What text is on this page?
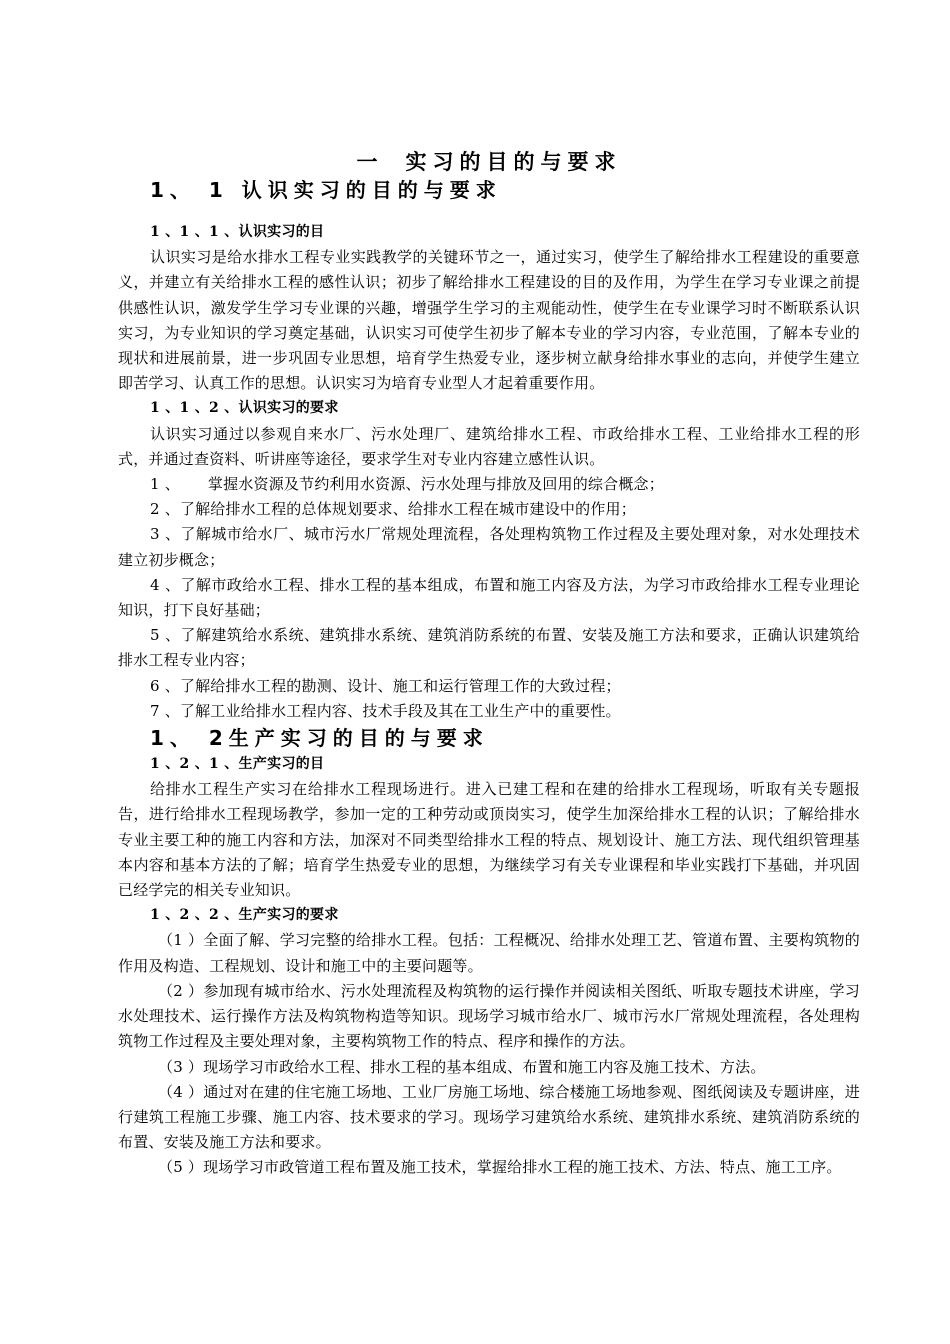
一 实习的目的与要求
1、 1 认识实习的目的与要求
1 、1 、1 、认识实习的目

认识实习是给水排水工程专业实践教学的关键环节之一，通过实习，使学生了解给排水工程建设的重要意义，并建立有关给排水工程的感性认识；初步了解给排水工程建设的目的及作用，为学生在学习专业课之前提供感性认识，激发学生学习专业课的兴趣，增强学生学习的主观能动性，使学生在专业课学习时不断联系认识实习，为专业知识的学习奠定基础，认识实习可使学生初步了解本专业的学习内容，专业范围，了解本专业的现状和进展前景，进一步巩固专业思想，培育学生热爱专业，逐步树立献身给排水事业的志向，并使学生建立即苦学习、认真工作的思想。认识实习为培育专业型人才起着重要作用。

1 、1 、2 、认识实习的要求

认识实习通过以参观自来水厂、污水处理厂、建筑给排水工程、市政给排水工程、工业给排水工程的形式，并通过查资料、听讲座等途径，要求学生对专业内容建立感性认识。

1 、 掌握水资源及节约利用水资源、污水处理与排放及回用的综合概念；

2 、了解给排水工程的总体规划要求、给排水工程在城市建设中的作用；

3 、了解城市给水厂、城市污水厂常规处理流程，各处理构筑物工作过程及主要处理对象，对水处理技术建立初步概念；

4 、了解市政给水工程、排水工程的基本组成，布置和施工内容及方法，为学习市政给排水工程专业理论知识，打下良好基础；

5 、了解建筑给水系统、建筑排水系统、建筑消防系统的布置、安装及施工方法和要求，正确认识建筑给排水工程专业内容；

6 、了解给排水工程的勘测、设计、施工和运行管理工作的大致过程；

7 、了解工业给排水工程内容、技术手段及其在工业生产中的重要性。

1、 2生产实习的目的与要求
1 、2 、1 、生产实习的目

给排水工程生产实习在给排水工程现场进行。进入已建工程和在建的给排水工程现场，听取有关专题报告，进行给排水工程现场教学，参加一定的工种劳动或顶岗实习，使学生加深给排水工程的认识；了解给排水专业主要工种的施工内容和方法，加深对不同类型给排水工程的特点、规划设计、施工方法、现代组织管理基本内容和基本方法的了解；培育学生热爱专业的思想，为继续学习有关专业课程和毕业实践打下基础，并巩固已经学完的相关专业知识。

1 、2 、2 、生产实习的要求

（1 ）全面了解、学习完整的给排水工程。包括：工程概况、给排水处理工艺、管道布置、主要构筑物的作用及构造、工程规划、设计和施工中的主要问题等。

（2 ）参加现有城市给水、污水处理流程及构筑物的运行操作并阅读相关图纸、听取专题技术讲座，学习水处理技术、运行操作方法及构筑物构造等知识。现场学习城市给水厂、城市污水厂常规处理流程，各处理构筑物工作过程及主要处理对象，主要构筑物工作的特点、程序和操作的方法。

（3 ）现场学习市政给水工程、排水工程的基本组成、布置和施工内容及施工技术、方法。

（4 ）通过对在建的住宅施工场地、工业厂房施工场地、综合楼施工场地参观、图纸阅读及专题讲座，进行建筑工程施工步骤、施工内容、技术要求的学习。现场学习建筑给水系统、建筑排水系统、建筑消防系统的布置、安装及施工方法和要求。

（5 ）现场学习市政管道工程布置及施工技术，掌握给排水工程的施工技术、方法、特点、施工工序。
